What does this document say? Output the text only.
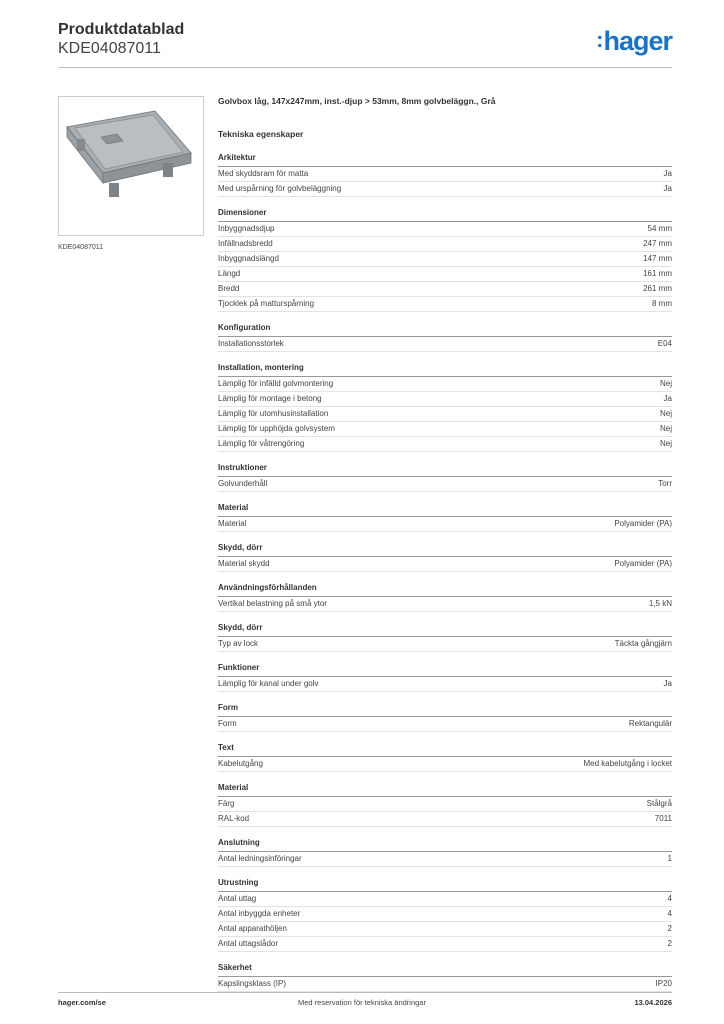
Produktdatablad
KDE04087011	:hager
KDE04087011
Golvbox låg, 147x247mm, inst.-djup > 53mm, 8mm golvbeläggn., Grå
Tekniska egenskaper
Arkitektur
Med skyddsram för matta	Ja
Med urspårning för golvbeläggning	Ja
Dimensioner
Inbyggnadsdjup	54 mm
Infällnadsbredd	247 mm
Inbyggnadslängd	147 mm
Längd	161 mm
Bredd	261 mm
Tjocklek på matturspårning	8 mm
Konfiguration
Installationsstorlek	E04
Installation, montering
Lämplig för infälld golvmontering	Nej
Lämplig för montage i betong	Ja
Lämplig för utomhusinstallation	Nej
Lämplig för upphöjda golvsystem	Nej
Lämplig för våtrengöring	Nej
Instruktioner
Golvunderhåll	Torr
Material
Material	Polyamider (PA)
Skydd, dörr
Material skydd	Polyamider (PA)
Användningsförhållanden
Vertikal belastning på små ytor	1,5 kN
Skydd, dörr
Typ av lock	Täckta gångjärn
Funktioner
Lämplig för kanal under golv	Ja
Form
Form	Rektangulär
Text
Kabelutgång	Med kabelutgång i locket
Material
Färg	Stålgrå
RAL-kod	7011
Anslutning
Antal ledningsinföringar	1
Utrustning
Antal uttag	4
Antal inbyggda enheter	4
Antal apparathöljen	2
Antal uttagslådor	2
Säkerhet
Kapslingsklass (IP)	IP20
hager.com/se	Med reservation för tekniska ändringar	13.04.2026
